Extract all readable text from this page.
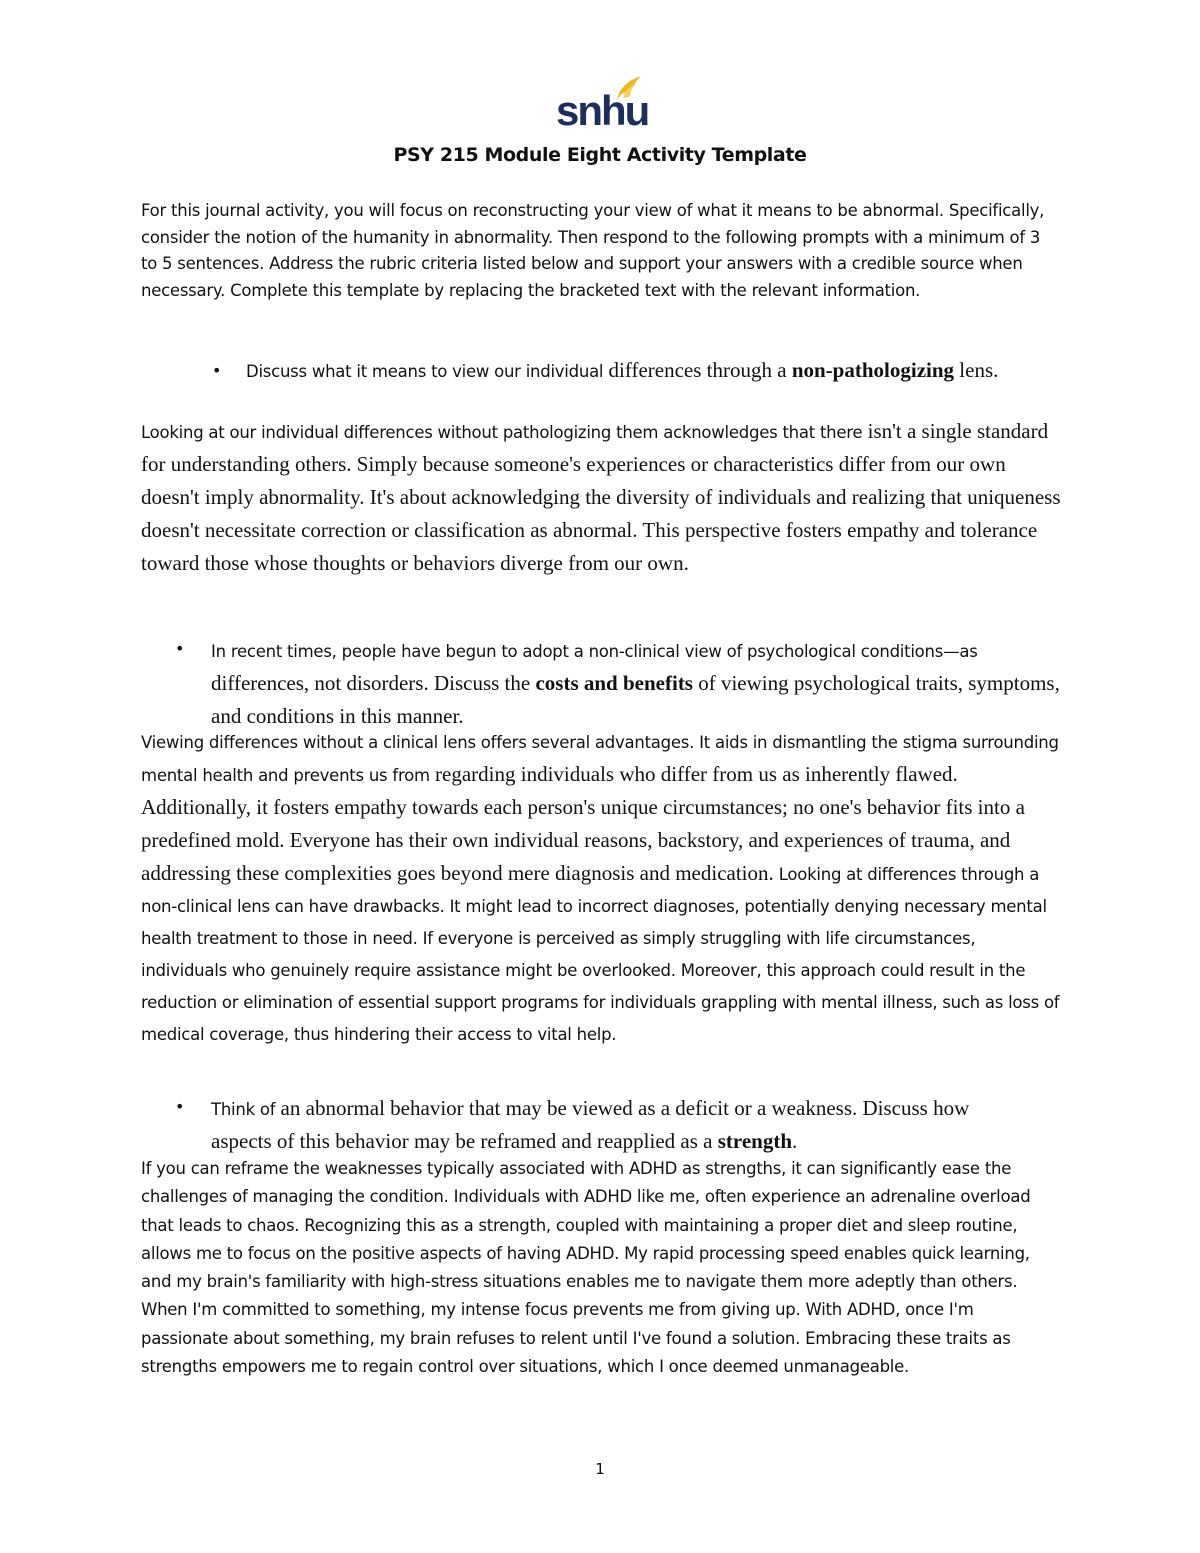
snhu
PSY 215 Module Eight Activity Template

For this journal activity, you will focus on reconstructing your view of what it means to be abnormal. Specifically, consider the notion of the humanity in abnormality. Then respond to the following prompts with a minimum of 3 to 5 sentences. Address the rubric criteria listed below and support your answers with a credible source when necessary. Complete this template by replacing the bracketed text with the relevant information.

• Discuss what it means to view our individual differences through a non-pathologizing lens.

Looking at our individual differences without pathologizing them acknowledges that there isn't a single standard for understanding others. Simply because someone's experiences or characteristics differ from our own doesn't imply abnormality. It's about acknowledging the diversity of individuals and realizing that uniqueness doesn't necessitate correction or classification as abnormal. This perspective fosters empathy and tolerance toward those whose thoughts or behaviors diverge from our own.

• In recent times, people have begun to adopt a non-clinical view of psychological conditions—as differences, not disorders. Discuss the costs and benefits of viewing psychological traits, symptoms, and conditions in this manner.

Viewing differences without a clinical lens offers several advantages. It aids in dismantling the stigma surrounding mental health and prevents us from regarding individuals who differ from us as inherently flawed. Additionally, it fosters empathy towards each person's unique circumstances; no one's behavior fits into a predefined mold. Everyone has their own individual reasons, backstory, and experiences of trauma, and addressing these complexities goes beyond mere diagnosis and medication. Looking at differences through a non-clinical lens can have drawbacks. It might lead to incorrect diagnoses, potentially denying necessary mental health treatment to those in need. If everyone is perceived as simply struggling with life circumstances, individuals who genuinely require assistance might be overlooked. Moreover, this approach could result in the reduction or elimination of essential support programs for individuals grappling with mental illness, such as loss of medical coverage, thus hindering their access to vital help.

• Think of an abnormal behavior that may be viewed as a deficit or a weakness. Discuss how aspects of this behavior may be reframed and reapplied as a strength.

If you can reframe the weaknesses typically associated with ADHD as strengths, it can significantly ease the challenges of managing the condition. Individuals with ADHD like me, often experience an adrenaline overload that leads to chaos. Recognizing this as a strength, coupled with maintaining a proper diet and sleep routine, allows me to focus on the positive aspects of having ADHD. My rapid processing speed enables quick learning, and my brain's familiarity with high-stress situations enables me to navigate them more adeptly than others. When I'm committed to something, my intense focus prevents me from giving up. With ADHD, once I'm passionate about something, my brain refuses to relent until I've found a solution. Embracing these traits as strengths empowers me to regain control over situations, which I once deemed unmanageable.

1
